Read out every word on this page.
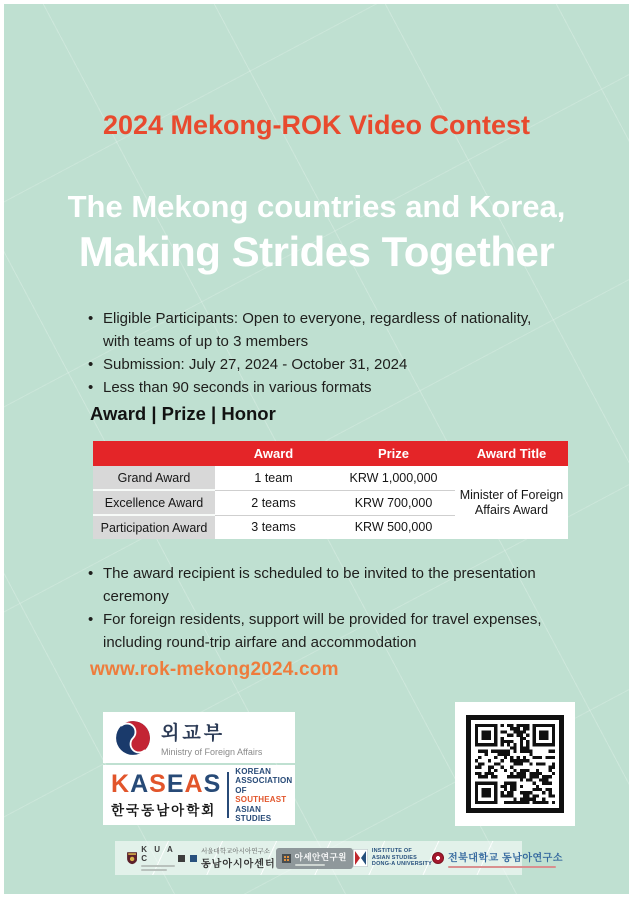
2024 Mekong-ROK Video Contest
The Mekong countries and Korea,
Making Strides Together
• Eligible Participants: Open to everyone, regardless of nationality,
with teams of up to 3 members
• Submission: July 27, 2024 - October 31, 2024
• Less than 90 seconds in various formats
Award | Prize | Honor
	Award	Prize	Award Title
Grand Award	1 team	KRW 1,000,000	Minister of Foreign
Affairs Award

Excellence Award	2 teams	KRW 700,000	
Participation Award	3 teams	KRW 500,000	
• The award recipient is scheduled to be invited to the presentation
ceremony
• For foreign residents, support will be provided for travel expenses,
including round-trip airfare and accommodation
www.rok-mekong2024.com
외교부
Ministry of Foreign Affairs
KASEAS
한국동남아학회
KOREAN
ASSOCIATION
OF
SOUTHEAST
ASIAN STUDIES
K U A C
서울대학교아시아연구소
동남아시아센터
아세안연구원
INSTITUTE OF
ASIAN STUDIES
DONG-A UNIVERSITY
전북대학교 동남아연구소
